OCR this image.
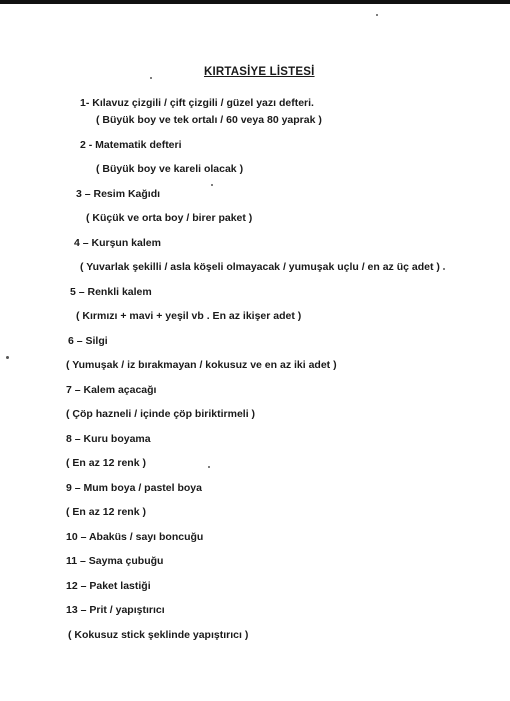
KIRTASİYE LİSTESİ
1- Kılavuz çizgili / çift çizgili / güzel yazı defteri.
( Büyük boy ve tek ortalı / 60 veya 80 yaprak )
2 - Matematik defteri
( Büyük boy ve kareli olacak )
3 – Resim Kağıdı
( Küçük ve orta boy / birer paket )
4 – Kurşun kalem
( Yuvarlak şekilli / asla köşeli olmayacak / yumuşak uçlu / en az üç adet )
5 – Renkli kalem
( Kırmızı + mavi + yeşil vb . En az ikişer adet )
6 – Silgi
( Yumuşak / iz bırakmayan / kokusuz ve en az iki adet )
7 – Kalem açacağı
( Çöp hazneli / içinde çöp biriktirmeli )
8 – Kuru boyama
( En az 12 renk )
9 – Mum boya / pastel boya
( En az 12 renk )
10 – Abaküs / sayı boncuğu
11 – Sayma çubuğu
12 – Paket lastiği
13 – Prit / yapıştırıcı
( Kokusuz stick şeklinde yapıştırıcı )
